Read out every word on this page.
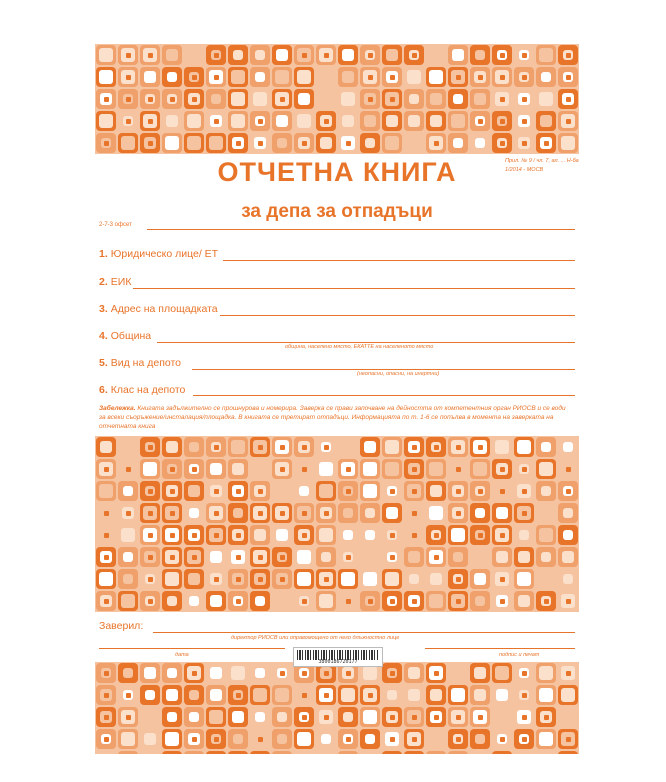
ОТЧЕТНА КНИГА
за депа за отпадъци
Прил. № 9 / чл. 7, ал. ... Н-ба 1/2014 - МОСВ
2-7-3 офсет
1. Юридическо лице/ ЕТ
2. ЕИК
3. Адрес на площадката
4. Община
община, населено място, ЕКАТТЕ на населеното място
5. Вид на депото
6. Клас на депото
(неопасни, опасни, на инертни)
Забележка. Книгата задължително се прошнурова и номерира. Заверка се прави започване на дейността от компетентния орган РИОСВ и се води за всеки съоръжение/инсталация/площадка. В книгата се третират отпадъци. Информацията по т. 1-6 се попълва в момента на заверката на отчетната книга
Заверил:
директор РИОСВ или оправомощено от него длъжностно лице
дата
3800186720177
подпис и печат
